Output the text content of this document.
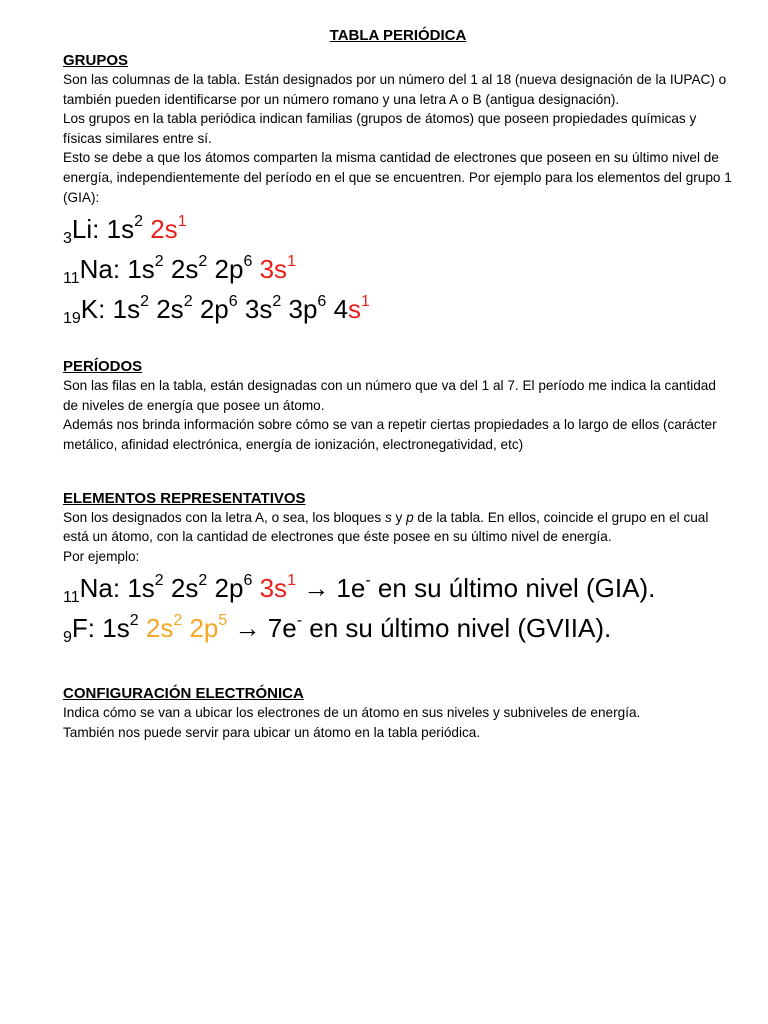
TABLA PERIÓDICA

GRUPOS

Son las columnas de la tabla. Están designados por un número del 1 al 18 (nueva designación de la IUPAC) o también pueden identificarse por un número romano y una letra A o B (antigua designación).

Los grupos en la tabla periódica indican familias (grupos de átomos) que poseen propiedades químicas y físicas similares entre sí.

Esto se debe a que los átomos comparten la misma cantidad de electrones que poseen en su último nivel de energía, independientemente del período en el que se encuentren. Por ejemplo para los elementos del grupo 1 (GIA):

$_3$Li: $1s^2$ $2s^1$

$_{11}$Na: $1s^2$ $2s^2$ $2p^6$ $3s^1$

$_{19}$K: $1s^2$ $2s^2$ $2p^6$ $3s^2$ $3p^6$ $4s^1$

PERÍODOS

Son las filas en la tabla, están designadas con un número que va del 1 al 7. El período me indica la cantidad de niveles de energía que posee un átomo.

Además nos brinda información sobre cómo se van a repetir ciertas propiedades a lo largo de ellos (carácter metálico, afinidad electrónica, energía de ionización, electronegatividad, etc)

ELEMENTOS REPRESENTATIVOS

Son los designados con la letra A, o sea, los bloques s y p de la tabla. En ellos, coincide el grupo en el cual está un átomo, con la cantidad de electrones que éste posee en su último nivel de energía.

Por ejemplo:

$_{11}$Na: $1s^2$ $2s^2$ $2p^6$ $3s^1 \to 1e^-$ en su último nivel (GIA).

$_9$F: $1s^2$ $2s^2$ $2p^5 \to 7e^-$ en su último nivel (GVIIA).

CONFIGURACIÓN ELECTRÓNICA

Indica cómo se van a ubicar los electrones de un átomo en sus niveles y subniveles de energía.

También nos puede servir para ubicar un átomo en la tabla periódica.
